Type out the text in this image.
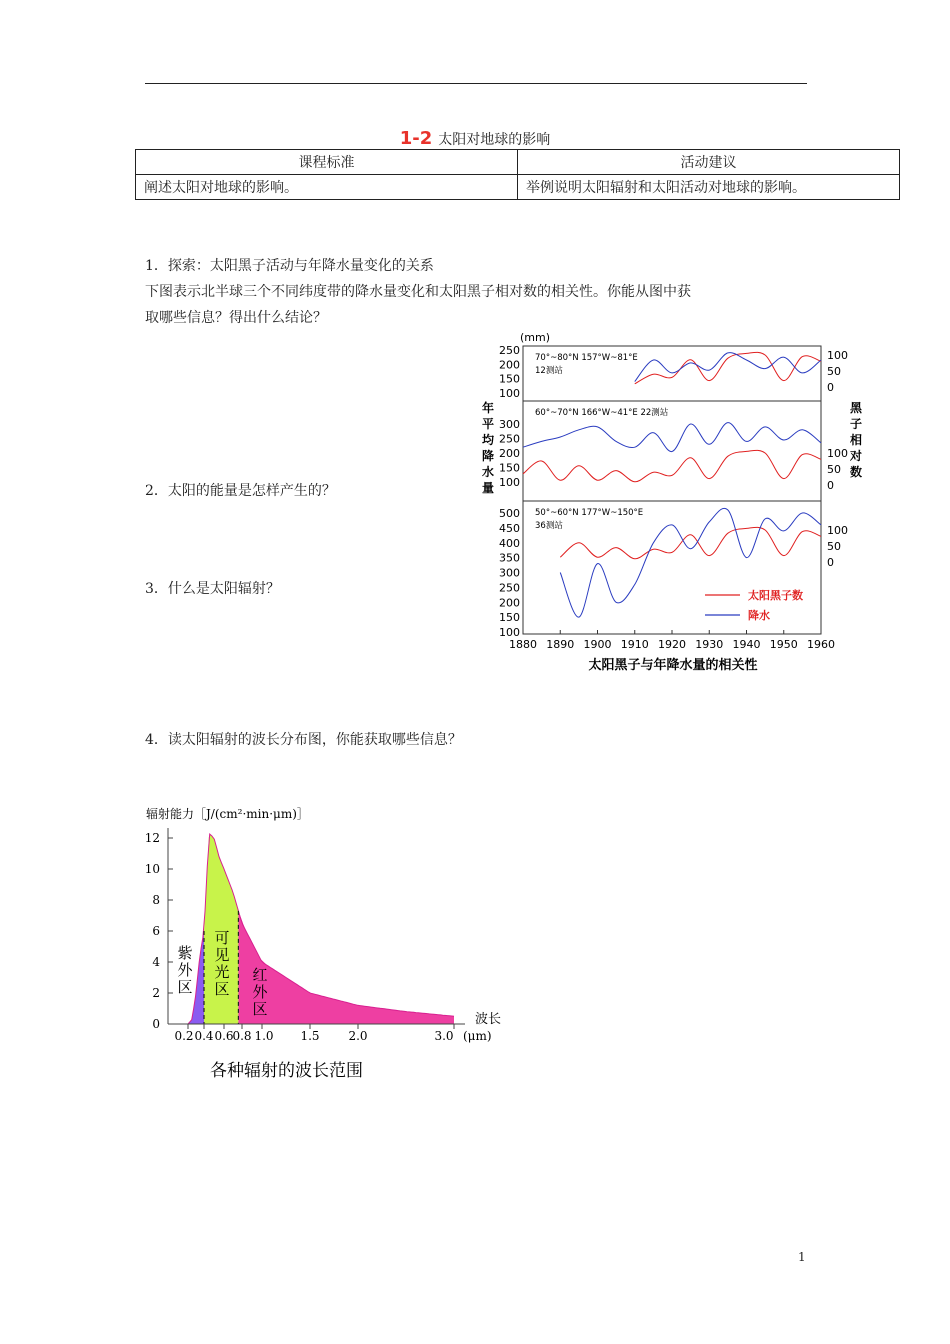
1-2 太阳对地球的影响
课程标准	活动建议
阐述太阳对地球的影响。	举例说明太阳辐射和太阳活动对地球的影响。
1．探索：太阳黑子活动与年降水量变化的关系
下图表示北半球三个不同纬度带的降水量变化和太阳黑子相对数的相关性。你能从图中获
取哪些信息？得出什么结论？
2．太阳的能量是怎样产生的？
3．什么是太阳辐射？
4．读太阳辐射的波长分布图，你能获取哪些信息？
(mm)
70°~80°N 157°W~81°E
12测站
250
200
150
100
100
50
0
60°~70°N 166°W~41°E 22测站
300
250
200
150
100
100
50
0
50°~60°N 177°W~150°E
36测站
500
450
400
350
300
250
200
150
100
100
50
0
1880 1890 1900 1910 1920 1930 1940 1950 1960
年
平
均
降
水
量
黑
子
相
对
数
太阳黑子数
降水
太阳黑子与年降水量的相关性
辐射能力［J/(cm²·min·μm)］
0
2
4
6
8
10
12
0.2 0.4 0.6
0.8 1.0 1.5 2.0	3.0
紫
外
区
可
见
光
区
红
外
区
波长
(μm)
各种辐射的波长范围
1
